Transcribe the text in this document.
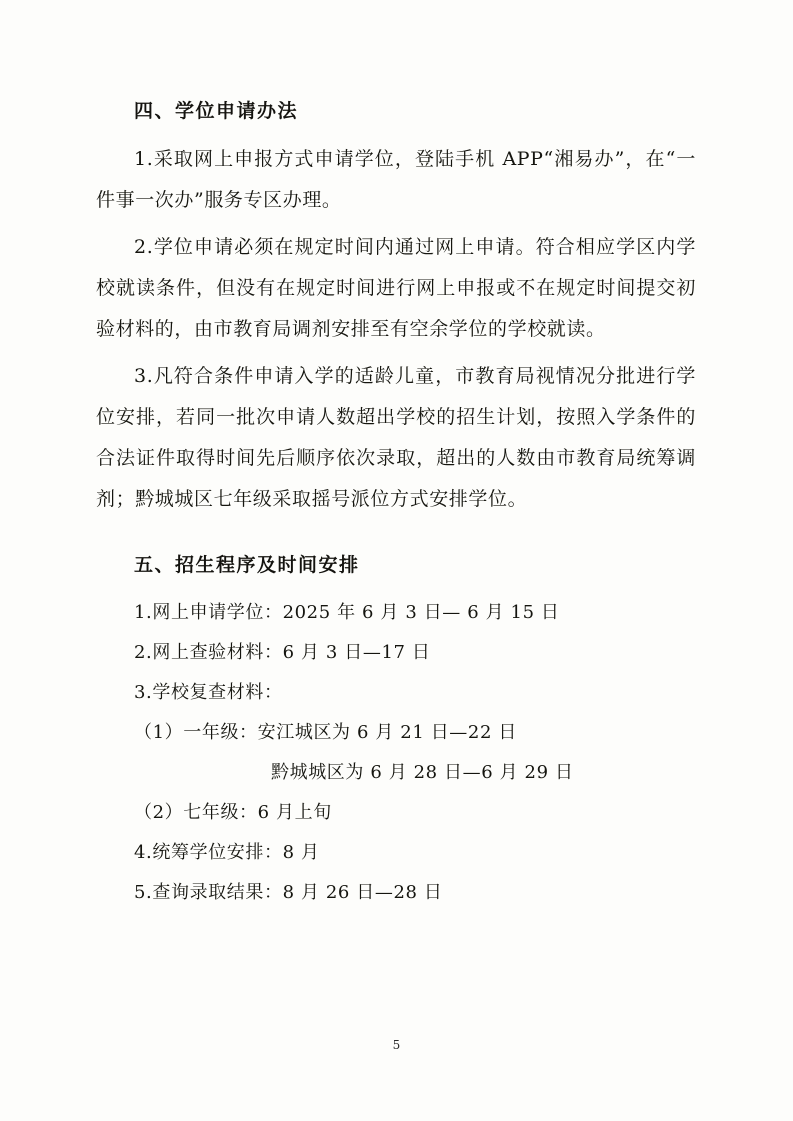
四、学位申请办法

1.采取网上申报方式申请学位，登陆手机 APP“湘易办”，在“一件事一次办”服务专区办理。

2.学位申请必须在规定时间内通过网上申请。符合相应学区内学校就读条件，但没有在规定时间进行网上申报或不在规定时间提交初验材料的，由市教育局调剂安排至有空余学位的学校就读。

3.凡符合条件申请入学的适龄儿童，市教育局视情况分批进行学位安排，若同一批次申请人数超出学校的招生计划，按照入学条件的合法证件取得时间先后顺序依次录取，超出的人数由市教育局统筹调剂；黔城城区七年级采取摇号派位方式安排学位。

五、招生程序及时间安排

1.网上申请学位：2025 年 6 月 3 日— 6 月 15 日

2.网上查验材料：6 月 3 日—17 日

3.学校复查材料：

（1）一年级：安江城区为 6 月 21 日—22 日

黔城城区为 6 月 28 日—6 月 29 日

（2）七年级：6 月上旬

4.统筹学位安排：8 月

5.查询录取结果：8 月 26 日—28 日

5
